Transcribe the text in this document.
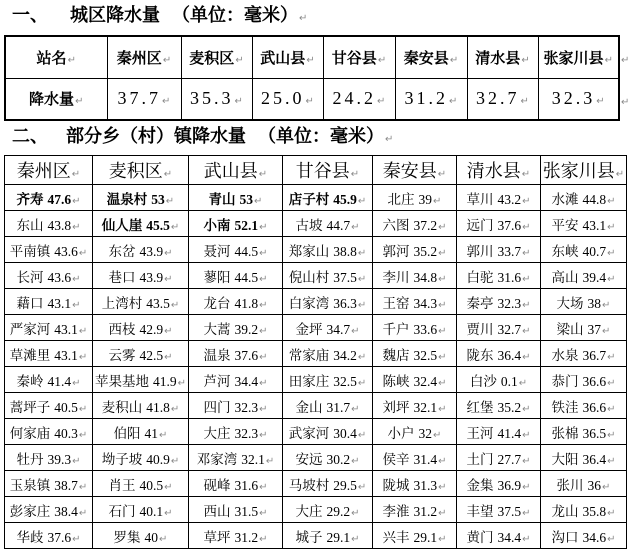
一、 城区降水量 （单位：毫米） ↵
站名 ↵	秦州区 ↵	麦积区 ↵	武山县 ↵	甘谷县 ↵	秦安县 ↵	清水县 ↵	张家川县 ↵
降水量 ↵	37.7 ↵	35.3 ↵	25.0 ↵	24.2 ↵	31.2 ↵	32.7 ↵	32.3 ↵
↵
↵
二、 部分乡（村）镇降水量 （单位：毫米） ↵
秦州区 ↵	麦积区 ↵	武山县 ↵	甘谷县 ↵	秦安县 ↵	清水县 ↵	张家川县 ↵
齐寿 47.6 ↵	温泉村 53 ↵	青山 53 ↵	店子村 45.9 ↵	北庄 39 ↵	草川 43.2 ↵	水滩 44.8 ↵
东山 43.8 ↵	仙人崖 45.5 ↵	小南 52.1 ↵	古坡 44.7 ↵	六图 37.2 ↵	远门 37.6 ↵	平安 43.1 ↵
平南镇 43.6 ↵	东岔 43.9 ↵	聂河 44.5 ↵	郑家山 38.8 ↵	郭河 35.2 ↵	郭川 33.7 ↵	东峡 40.7 ↵
长河 43.6 ↵	巷口 43.9 ↵	蓼阳 44.5 ↵	倪山村 37.5 ↵	李川 34.8 ↵	白驼 31.6 ↵	高山 39.4 ↵
藉口 43.1 ↵	上湾村 43.5 ↵	龙台 41.8 ↵	白家湾 36.3 ↵	王窑 34.3 ↵	秦亭 32.3 ↵	大场 38 ↵
严家河 43.1 ↵	西枝 42.9 ↵	大蒿 39.2 ↵	金坪 34.7 ↵	千户 33.6 ↵	贾川 32.7 ↵	梁山 37 ↵
草滩里 43.1 ↵	云雾 42.5 ↵	温泉 37.6 ↵	常家庙 34.2 ↵	魏店 32.5 ↵	陇东 36.4 ↵	水泉 36.7 ↵
秦岭 41.4 ↵	苹果基地 41.9 ↵	芦河 34.4 ↵	田家庄 32.5 ↵	陈峡 32.4 ↵	白沙 0.1 ↵	恭门 36.6 ↵
蒿坪子 40.5 ↵	麦积山 41.8 ↵	四门 32.3 ↵	金山 31.7 ↵	刘坪 32.1 ↵	红堡 35.2 ↵	铁洼 36.6 ↵
何家庙 40.3 ↵	伯阳 41 ↵	大庄 32.3 ↵	武家河 30.4 ↵	小户 32 ↵	王河 41.4 ↵	张棉 36.5 ↵
牡丹 39.3 ↵	坳子坡 40.9 ↵	邓家湾 32.1 ↵	安远 30.2 ↵	侯辛 31.4 ↵	土门 27.7 ↵	大阳 36.4 ↵
玉泉镇 38.7 ↵	肖王 40.5 ↵	砚峰 31.6 ↵	马坡村 29.5 ↵	陇城 31.3 ↵	金集 36.9 ↵	张川 36 ↵
彭家庄 38.4 ↵	石门 40.1 ↵	西山 31.5 ↵	大庄 29.2 ↵	李淮 31.2 ↵	丰望 37.5 ↵	龙山 35.8 ↵
华歧 37.6 ↵	罗集 40 ↵	草坪 31.2 ↵	城子 29.1 ↵	兴丰 29.1 ↵	黄门 34.4 ↵	沟口 34.6 ↵
